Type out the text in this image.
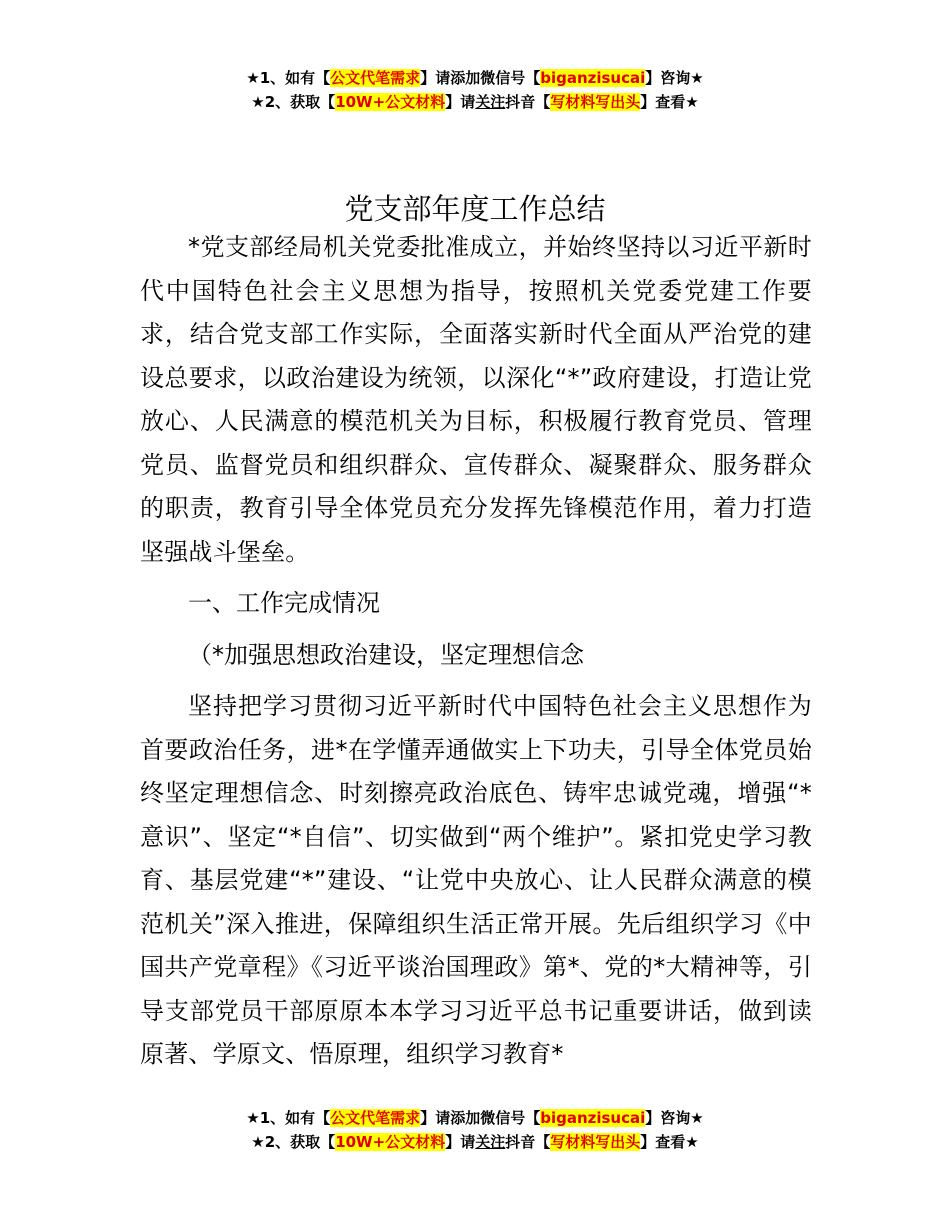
★1、如有【公文代笔需求】请添加微信号【biganzisucai】咨询★
★2、获取【10W+公文材料】请关注抖音【写材料写出头】查看★
党支部年度工作总结

*党支部经局机关党委批准成立，并始终坚持以习近平新时代中国特色社会主义思想为指导，按照机关党委党建工作要求，结合党支部工作实际，全面落实新时代全面从严治党的建设总要求，以政治建设为统领，以深化“*”政府建设，打造让党放心、人民满意的模范机关为目标，积极履行教育党员、管理党员、监督党员和组织群众、宣传群众、凝聚群众、服务群众的职责，教育引导全体党员充分发挥先锋模范作用，着力打造坚强战斗堡垒。

一、工作完成情况

（*加强思想政治建设，坚定理想信念

坚持把学习贯彻习近平新时代中国特色社会主义思想作为首要政治任务，进*在学懂弄通做实上下功夫，引导全体党员始终坚定理想信念、时刻擦亮政治底色、铸牢忠诚党魂，增强“*意识”、坚定“*自信”、切实做到“两个维护”。紧扣党史学习教育、基层党建“*”建设、“让党中央放心、让人民群众满意的模范机关”深入推进，保障组织生活正常开展。先后组织学习《中国共产党章程》《习近平谈治国理政》第*、党的*大精神等，引导支部党员干部原原本本学习习近平总书记重要讲话，做到读原著、学原文、悟原理，组织学习教育*

★1、如有【公文代笔需求】请添加微信号【biganzisucai】咨询★
★2、获取【10W+公文材料】请关注抖音【写材料写出头】查看★
